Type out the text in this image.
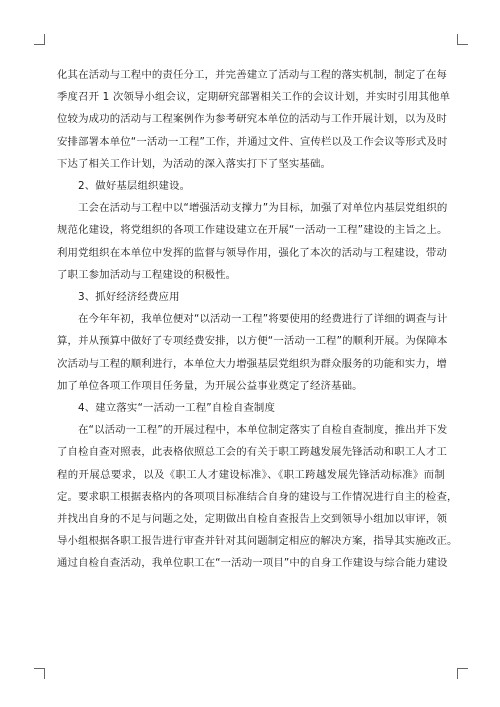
化其在活动与工程中的责任分工，并完善建立了活动与工程的落实机制，制定了在每

季度召开 1 次领导小组会议，定期研究部署相关工作的会议计划，并实时引用其他单

位较为成功的活动与工程案例作为参考研究本单位的活动与工作开展计划，以为及时

安排部署本单位“一活动一工程”工作，并通过文件、宣传栏以及工作会议等形式及时

下达了相关工作计划，为活动的深入落实打下了坚实基础。

2、做好基层组织建设。

工会在活动与工程中以“增强活动支撑力”为目标，加强了对单位内基层党组织的

规范化建设，将党组织的各项工作建设建立在开展“一活动一工程”建设的主旨之上。

利用党组织在本单位中发挥的监督与领导作用，强化了本次的活动与工程建设，带动

了职工参加活动与工程建设的积极性。

3、抓好经济经费应用

在今年年初，我单位便对“以活动一工程”将要使用的经费进行了详细的调查与计

算，并从预算中做好了专项经费安排，以方便“一活动一工程”的顺利开展。为保障本

次活动与工程的顺利进行，本单位大力增强基层党组织为群众服务的功能和实力，增

加了单位各项工作项目任务量，为开展公益事业奠定了经济基础。

4、建立落实“一活动一工程”自检自查制度

在“以活动一工程”的开展过程中，本单位制定落实了自检自查制度，推出并下发

了自检自查对照表，此表格依照总工会的有关于职工跨越发展先锋活动和职工人才工

程的开展总要求，以及《职工人才建设标准》、《职工跨越发展先锋活动标准》而制

定。要求职工根据表格内的各项项目标准结合自身的建设与工作情况进行自主的检查，

并找出自身的不足与问题之处，定期做出自检自查报告上交到领导小组加以审评，领

导小组根据各职工报告进行审查并针对其问题制定相应的解决方案，指导其实施改正。

通过自检自查活动，我单位职工在“一活动一项目”中的自身工作建设与综合能力建设
